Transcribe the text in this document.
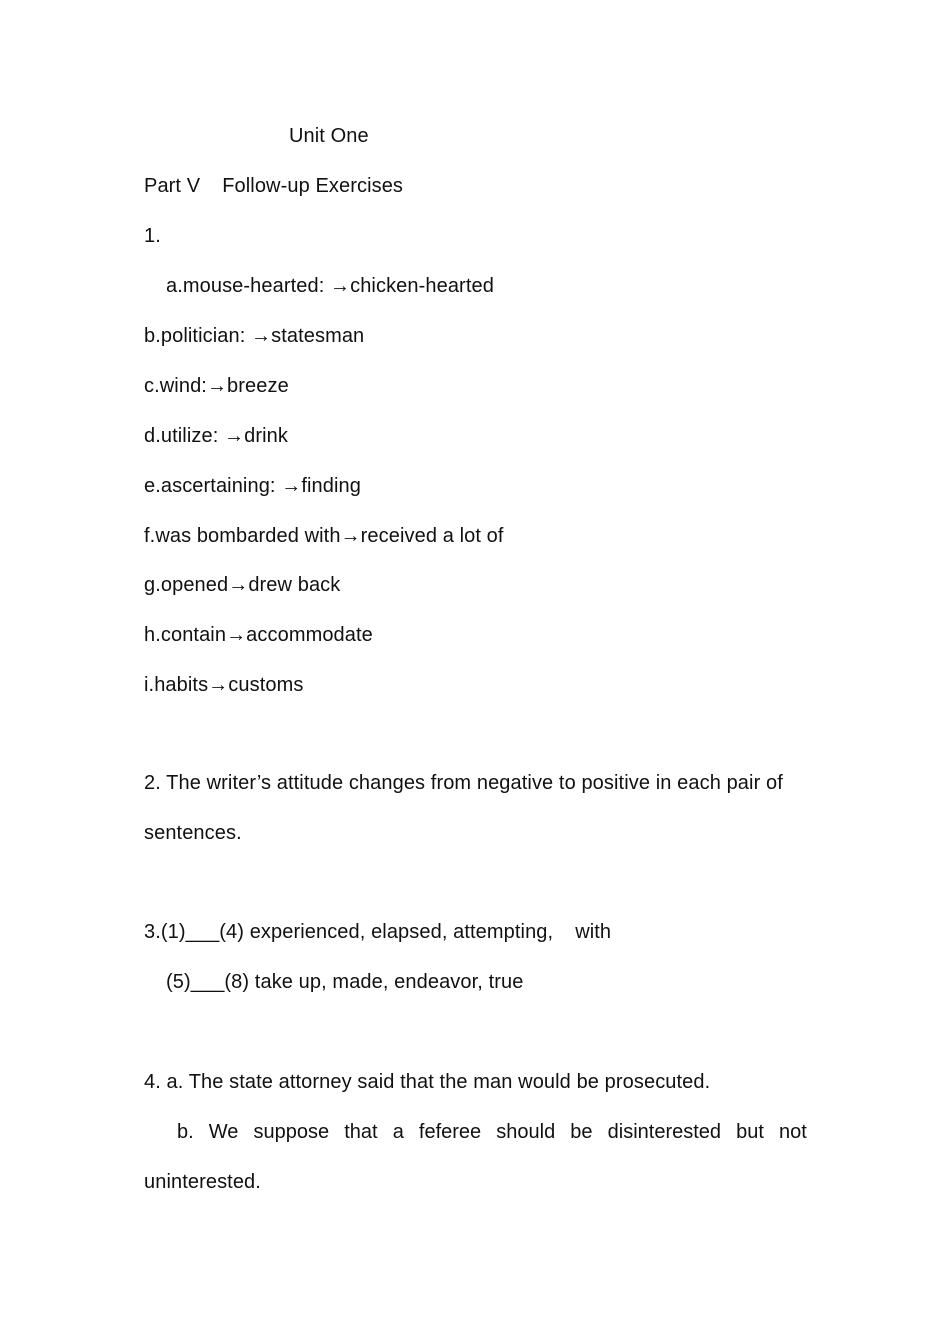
Unit One
Part V Follow-up Exercises
1.
a.mouse-hearted: →chicken-hearted
b.politician: →statesman
c.wind:→breeze
d.utilize: →drink
e.ascertaining: →finding
f.was bombarded with→received a lot of
g.opened→drew back
h.contain→accommodate
i.habits→customs
2. The writer’s attitude changes from negative to positive in each pair of
sentences.
3.(1)___(4) experienced, elapsed, attempting, with
(5)___(8) take up, made, endeavor, true
4. a. The state attorney said that the man would be prosecuted.
b. We suppose that a feferee should be disinterested but not
uninterested.
